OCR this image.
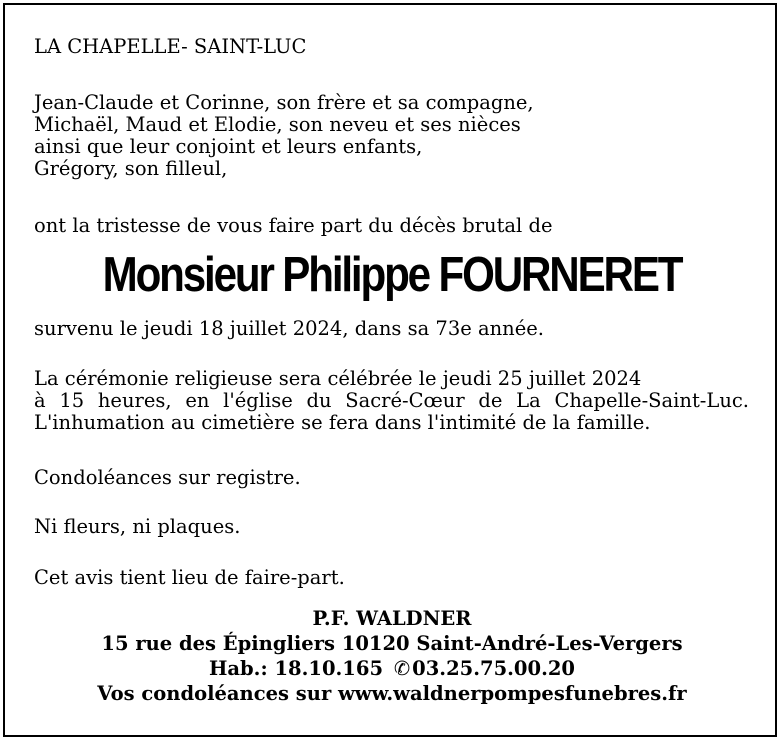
LA CHAPELLE- SAINT-LUC
Jean-Claude et Corinne, son frère et sa compagne,
Michaël, Maud et Elodie, son neveu et ses nièces
ainsi que leur conjoint et leurs enfants,
Grégory, son filleul,
ont la tristesse de vous faire part du décès brutal de
Monsieur Philippe FOURNERET
survenu le jeudi 18 juillet 2024, dans sa 73e année.
La cérémonie religieuse sera célébrée le jeudi 25 juillet 2024
à 15 heures, en l'église du Sacré-Cœur de La Chapelle-Saint-Luc.
L'inhumation au cimetière se fera dans l'intimité de la famille.
Condoléances sur registre.
Ni fleurs, ni plaques.
Cet avis tient lieu de faire-part.
P.F. WALDNER
15 rue des Épingliers 10120 Saint-André-Les-Vergers
Hab.: 18.10.165 ✆ 03.25.75.00.20
Vos condoléances sur www.waldnerpompesfunebres.fr
